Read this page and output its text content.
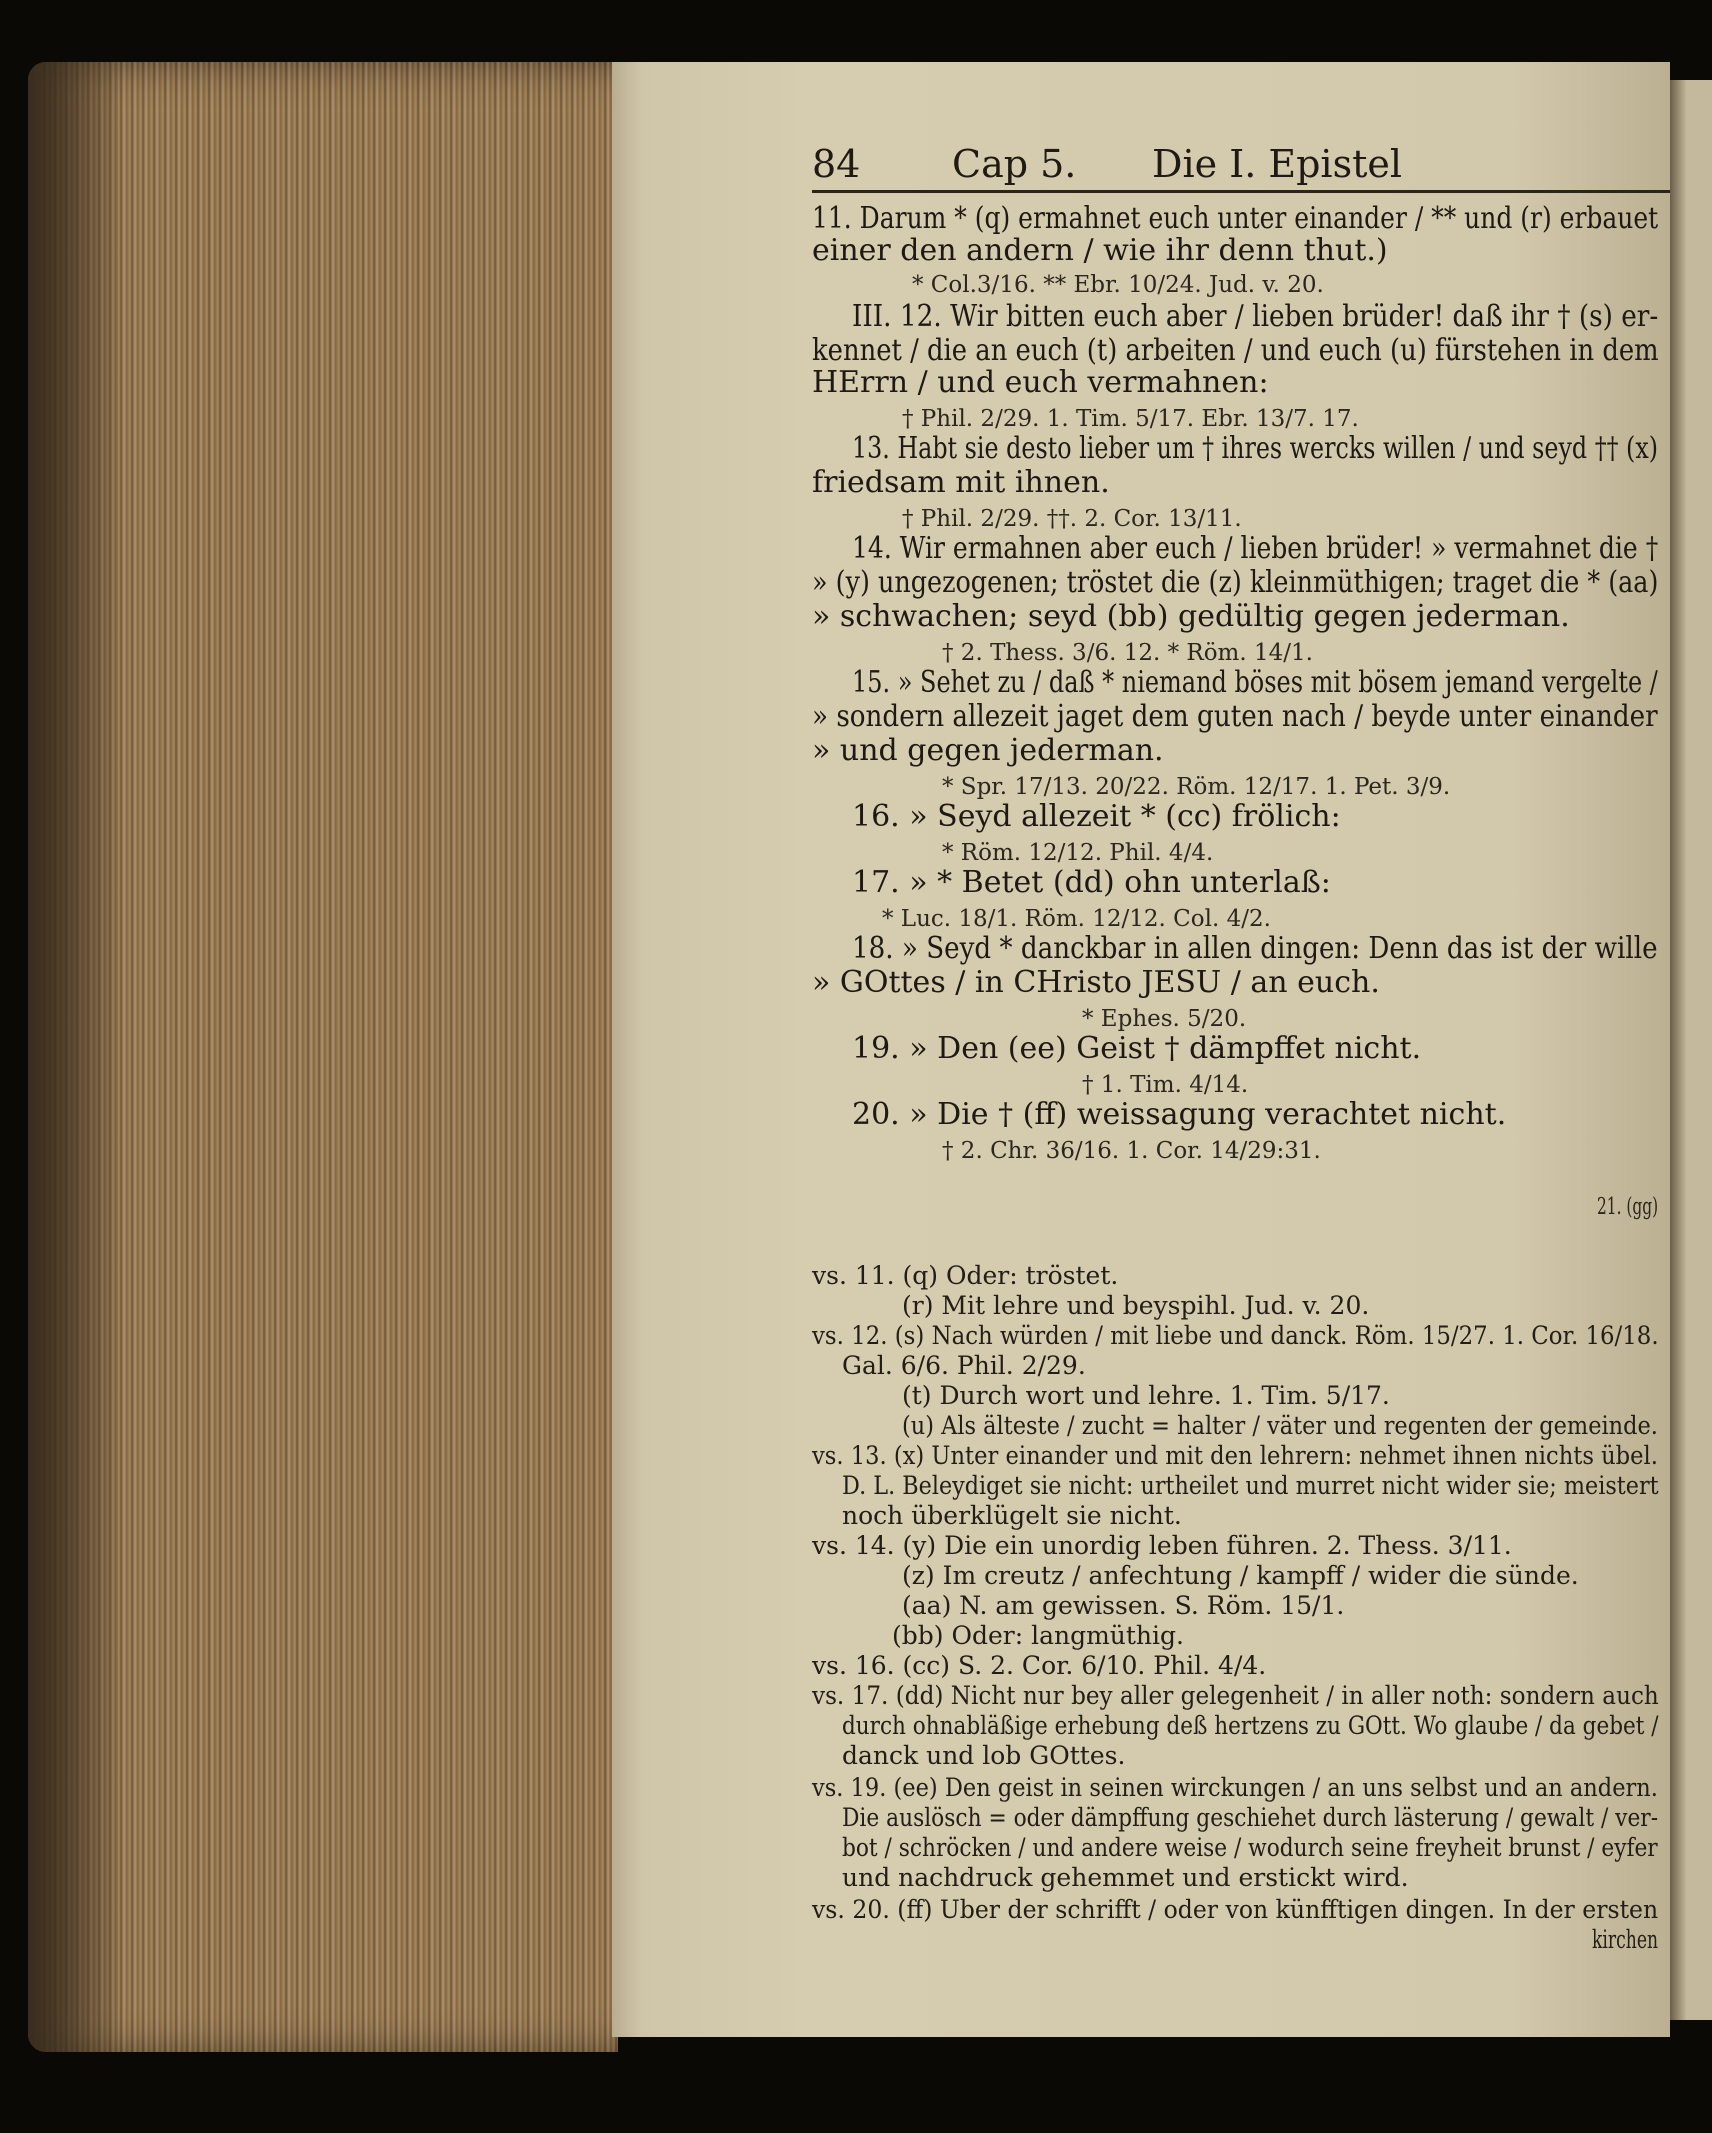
84 Cap 5. Die I. Epistel
11. Darum * (q) ermahnet euch unter einander / ** und (r) erbauet
einer den andern / wie ihr denn thut.)
* Col.3/16. ** Ebr. 10/24. Jud. v. 20.
III. 12. Wir bitten euch aber / lieben brüder! daß ihr † (s) er-
kennet / die an euch (t) arbeiten / und euch (u) fürstehen in dem
HErrn / und euch vermahnen:
† Phil. 2/29. 1. Tim. 5/17. Ebr. 13/7. 17.
13. Habt sie desto lieber um † ihres wercks willen / und seyd †† (x)
friedsam mit ihnen.
† Phil. 2/29. ††. 2. Cor. 13/11.
14. Wir ermahnen aber euch / lieben brüder! » vermahnet die †
» (y) ungezogenen; tröstet die (z) kleinmüthigen; traget die * (aa)
» schwachen; seyd (bb) gedültig gegen jederman.
† 2. Thess. 3/6. 12. * Röm. 14/1.
15. » Sehet zu / daß * niemand böses mit bösem jemand vergelte /
» sondern allezeit jaget dem guten nach / beyde unter einander
» und gegen jederman.
* Spr. 17/13. 20/22. Röm. 12/17. 1. Pet. 3/9.
16. » Seyd allezeit * (cc) frölich:
* Röm. 12/12. Phil. 4/4.
17. » * Betet (dd) ohn unterlaß:
* Luc. 18/1. Röm. 12/12. Col. 4/2.
18. » Seyd * danckbar in allen dingen: Denn das ist der wille
» GOttes / in CHristo JESU / an euch.
* Ephes. 5/20.
19. » Den (ee) Geist † dämpffet nicht.
† 1. Tim. 4/14.
20. » Die † (ff) weissagung verachtet nicht.
† 2. Chr. 36/16. 1. Cor. 14/29:31.
21. (gg)
vs. 11. (q) Oder: tröstet.
(r) Mit lehre und beyspihl. Jud. v. 20.
vs. 12. (s) Nach würden / mit liebe und danck. Röm. 15/27. 1. Cor. 16/18.
Gal. 6/6. Phil. 2/29.
(t) Durch wort und lehre. 1. Tim. 5/17.
(u) Als älteste / zucht = halter / väter und regenten der gemeinde.
vs. 13. (x) Unter einander und mit den lehrern: nehmet ihnen nichts übel.
D. L. Beleydiget sie nicht: urtheilet und murret nicht wider sie; meistert
noch überklügelt sie nicht.
vs. 14. (y) Die ein unordig leben führen. 2. Thess. 3/11.
(z) Im creutz / anfechtung / kampff / wider die sünde.
(aa) N. am gewissen. S. Röm. 15/1.
(bb) Oder: langmüthig.
vs. 16. (cc) S. 2. Cor. 6/10. Phil. 4/4.
vs. 17. (dd) Nicht nur bey aller gelegenheit / in aller noth: sondern auch
durch ohnabläßige erhebung deß hertzens zu GOtt. Wo glaube / da gebet /
danck und lob GOttes.
vs. 19. (ee) Den geist in seinen wirckungen / an uns selbst und an andern.
Die auslösch = oder dämpffung geschiehet durch lästerung / gewalt / ver-
bot / schröcken / und andere weise / wodurch seine freyheit brunst / eyfer
und nachdruck gehemmet und erstickt wird.
vs. 20. (ff) Uber der schrifft / oder von künfftigen dingen. In der ersten
kirchen
